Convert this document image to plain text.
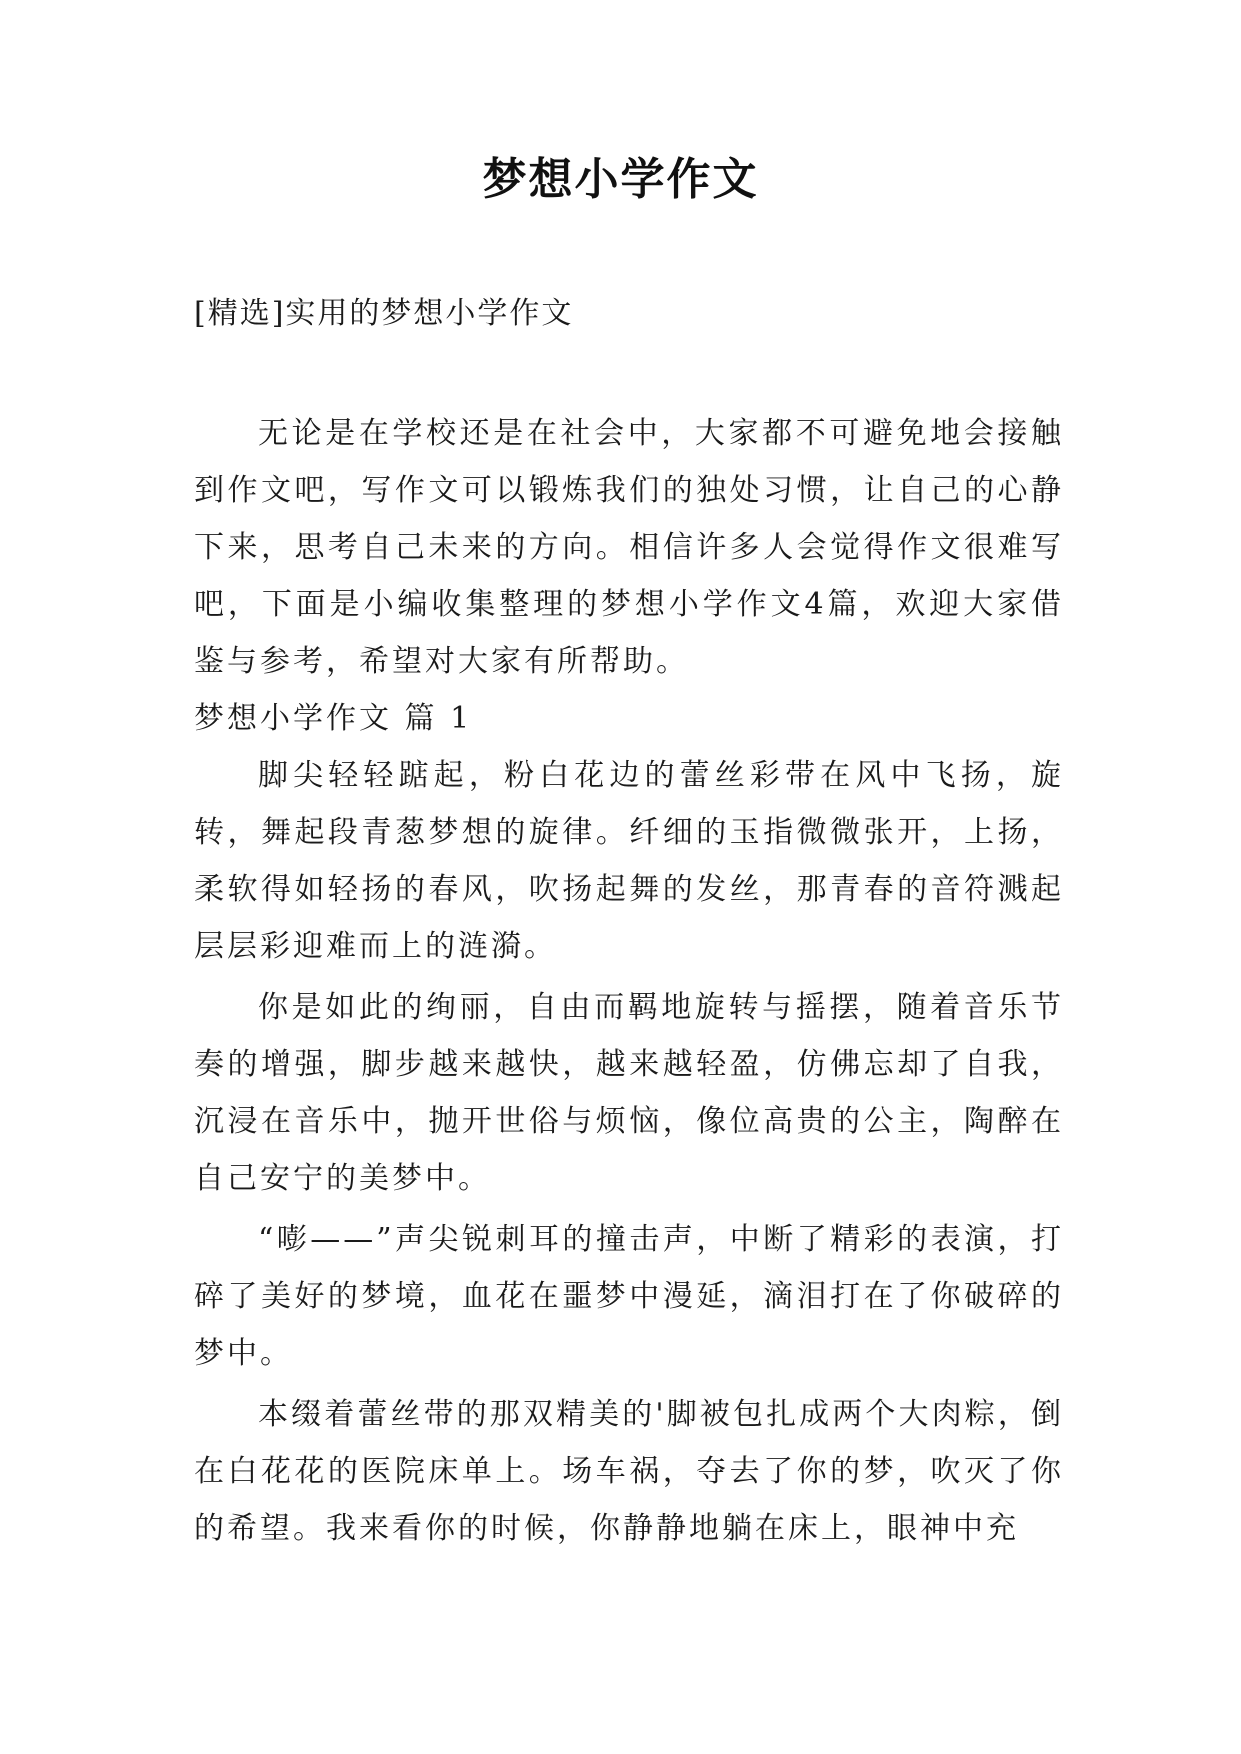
梦想小学作文
[精选]实用的梦想小学作文

无论是在学校还是在社会中，大家都不可避免地会接触到作文吧，写作文可以锻炼我们的独处习惯，让自己的心静下来，思考自己未来的方向。相信许多人会觉得作文很难写吧，下面是小编收集整理的梦想小学作文4篇，欢迎大家借鉴与参考，希望对大家有所帮助。

梦想小学作文 篇 1

脚尖轻轻踮起，粉白花边的蕾丝彩带在风中飞扬，旋转，舞起段青葱梦想的旋律。纤细的玉指微微张开，上扬，柔软得如轻扬的春风，吹扬起舞的发丝，那青春的音符溅起层层彩迎难而上的涟漪。

你是如此的绚丽，自由而羁地旋转与摇摆，随着音乐节奏的增强，脚步越来越快，越来越轻盈，仿佛忘却了自我，沉浸在音乐中，抛开世俗与烦恼，像位高贵的公主，陶醉在自己安宁的美梦中。

“嘭——”声尖锐刺耳的撞击声，中断了精彩的表演，打碎了美好的梦境，血花在噩梦中漫延，滴泪打在了你破碎的梦中。

本缀着蕾丝带的那双精美的'脚被包扎成两个大肉粽，倒在白花花的医院床单上。场车祸，夺去了你的梦，吹灭了你的希望。我来看你的时候，你静静地躺在床上，眼神中充
